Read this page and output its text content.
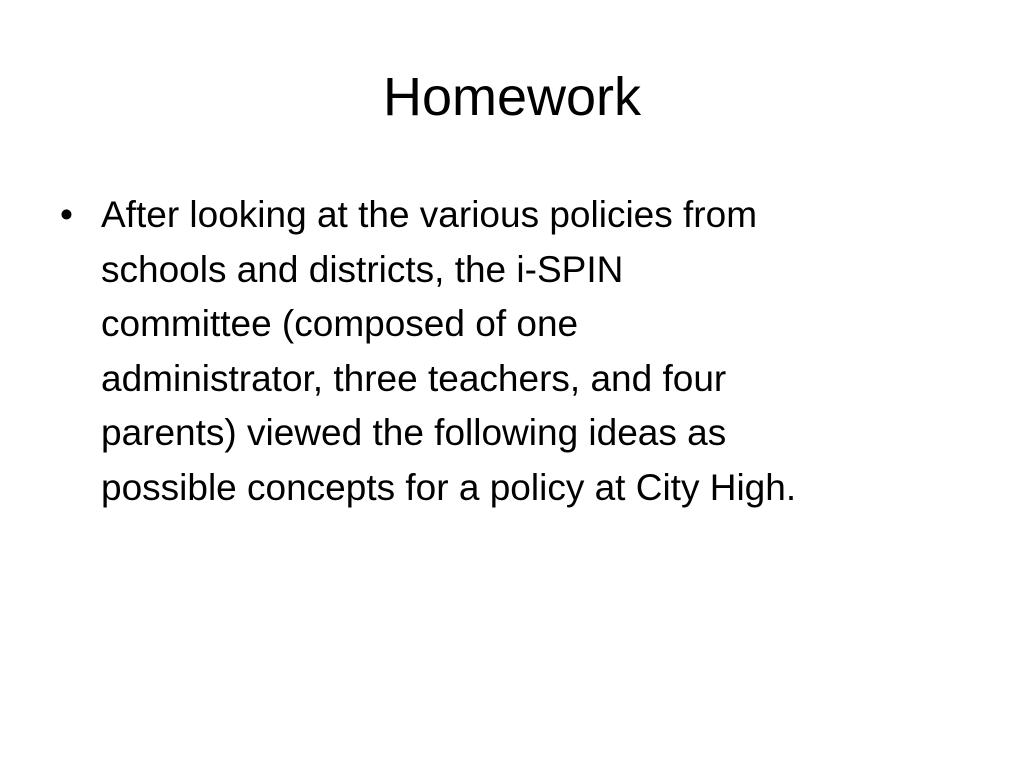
Homework
• After looking at the various policies from
schools and districts, the i-SPIN
committee (composed of one
administrator, three teachers, and four
parents) viewed the following ideas as
possible concepts for a policy at City High.
